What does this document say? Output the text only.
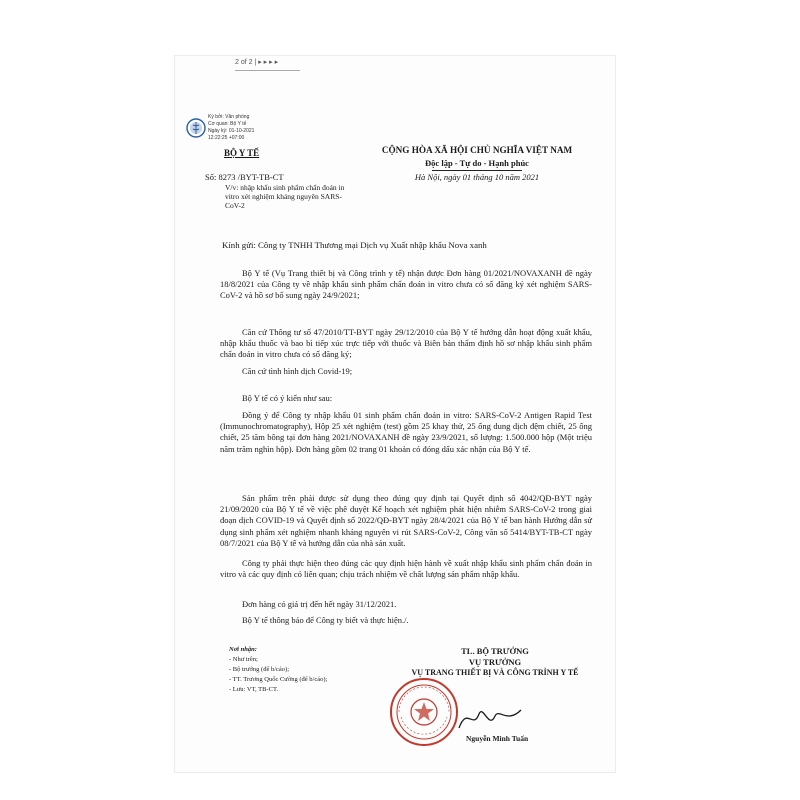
2 of 2 | ▸ ▸ ▸ ▸
Ký bởi: Văn phòng
Cơ quan: Bộ Y tế
Ngày ký: 01-10-2021
12:22:25 +07:00
BỘ Y TẾ	CỘNG HÒA XÃ HỘI CHỦ NGHĨA VIỆT NAM
Độc lập - Tự do - Hạnh phúc
Hà Nội, ngày 01 tháng 10 năm 2021
Số: 8273 /BYT-TB-CT
V/v: nhập khẩu sinh phẩm chẩn đoán in vitro xét nghiệm kháng nguyên SARS-CoV-2
Kính gửi: Công ty TNHH Thương mại Dịch vụ Xuất nhập khẩu Nova xanh
Bộ Y tế (Vụ Trang thiết bị và Công trình y tế) nhận được Đơn hàng 01/2021/NOVAXANH đề ngày 18/8/2021 của Công ty về nhập khẩu sinh phẩm chẩn đoán in vitro chưa có số đăng ký xét nghiệm SARS-CoV-2 và hồ sơ bổ sung ngày 24/9/2021;
Căn cứ Thông tư số 47/2010/TT-BYT ngày 29/12/2010 của Bộ Y tế hướng dẫn hoạt động xuất khẩu, nhập khẩu thuốc và bao bì tiếp xúc trực tiếp với thuốc và Biên bản thẩm định hồ sơ nhập khẩu sinh phẩm chẩn đoán in vitro chưa có số đăng ký;
Căn cứ tình hình dịch Covid-19;
Bộ Y tế có ý kiến như sau:
Đồng ý để Công ty nhập khẩu 01 sinh phẩm chẩn đoán in vitro: SARS-CoV-2 Antigen Rapid Test (Immunochromatography), Hộp 25 xét nghiệm (test) gồm 25 khay thử, 25 ống dung dịch đệm chiết, 25 ống chiết, 25 tăm bông tại đơn hàng 2021/NOVAXANH đề ngày 23/9/2021, số lượng: 1.500.000 hộp (Một triệu năm trăm nghìn hộp). Đơn hàng gồm 02 trang 01 khoản có đóng dấu xác nhận của Bộ Y tế.
Sản phẩm trên phải được sử dụng theo đúng quy định tại Quyết định số 4042/QĐ-BYT ngày 21/09/2020 của Bộ Y tế về việc phê duyệt Kế hoạch xét nghiệm phát hiện nhiễm SARS-CoV-2 trong giai đoạn dịch COVID-19 và Quyết định số 2022/QĐ-BYT ngày 28/4/2021 của Bộ Y tế ban hành Hướng dẫn sử dụng sinh phẩm xét nghiệm nhanh kháng nguyên vi rút SARS-CoV-2, Công văn số 5414/BYT-TB-CT ngày 08/7/2021 của Bộ Y tế và hướng dẫn của nhà sản xuất.
Công ty phải thực hiện theo đúng các quy định hiện hành về xuất nhập khẩu sinh phẩm chẩn đoán in vitro và các quy định có liên quan; chịu trách nhiệm về chất lượng sản phẩm nhập khẩu.
Đơn hàng có giá trị đến hết ngày 31/12/2021.
Bộ Y tế thông báo để Công ty biết và thực hiện./.
Nơi nhận:
- Như trên;
- Bộ trưởng (để b/cáo);
- TT. Trương Quốc Cường (để b/cáo);
- Lưu: VT, TB-CT.
TL. BỘ TRƯỞNG
VỤ TRƯỞNG
VỤ TRANG THIẾT BỊ VÀ CÔNG TRÌNH Y TẾ
Nguyễn Minh Tuấn
